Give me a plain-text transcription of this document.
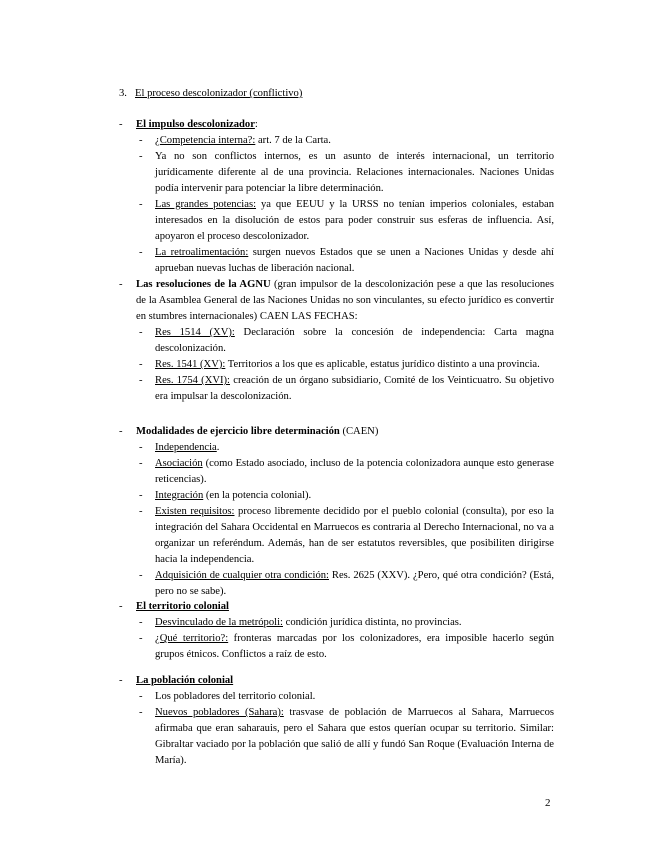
3. El proceso descolonizador (conflictivo)
- El impulso descolonizador:
- ¿Competencia interna?: art. 7 de la Carta.
- Ya no son conflictos internos, es un asunto de interés internacional, un territorio jurídicamente diferente al de una provincia. Relaciones internacionales. Naciones Unidas podía intervenir para potenciar la libre determinación.
- Las grandes potencias: ya que EEUU y la URSS no tenían imperios coloniales, estaban interesados en la disolución de estos para poder construir sus esferas de influencia. Así, apoyaron el proceso descolonizador.
- La retroalimentación: surgen nuevos Estados que se unen a Naciones Unidas y desde ahí aprueban nuevas luchas de liberación nacional.
- Las resoluciones de la AGNU (gran impulsor de la descolonización pese a que las resoluciones de la Asamblea General de las Naciones Unidas no son vinculantes, su efecto jurídico es convertir en stumbres internacionales) CAEN LAS FECHAS:
- Res 1514 (XV): Declaración sobre la concesión de independencia: Carta magna descolonización.
- Res. 1541 (XV): Territorios a los que es aplicable, estatus jurídico distinto a una provincia.
- Res. 1754 (XVI): creación de un órgano subsidiario, Comité de los Veinticuatro. Su objetivo era impulsar la descolonización.
- Modalidades de ejercicio libre determinación (CAEN)
- Independencia.
- Asociación (como Estado asociado, incluso de la potencia colonizadora aunque esto generase reticencias).
- Integración (en la potencia colonial).
- Existen requisitos: proceso libremente decidido por el pueblo colonial (consulta), por eso la integración del Sahara Occidental en Marruecos es contraria al Derecho Internacional, no va a organizar un referéndum. Además, han de ser estatutos reversibles, que posibiliten dirigirse hacia la independencia.
- Adquisición de cualquier otra condición: Res. 2625 (XXV). ¿Pero, qué otra condición? (Está, pero no se sabe).
- El territorio colonial
- Desvinculado de la metrópoli: condición jurídica distinta, no provincias.
- ¿Qué territorio?: fronteras marcadas por los colonizadores, era imposible hacerlo según grupos étnicos. Conflictos a raíz de esto.
- La población colonial
- Los pobladores del territorio colonial.
- Nuevos pobladores (Sahara): trasvase de población de Marruecos al Sahara, Marruecos afirmaba que eran saharauis, pero el Sahara que estos querían ocupar su territorio. Similar: Gibraltar vaciado por la población que salió de allí y fundó San Roque (Evaluación Interna de María).
2
